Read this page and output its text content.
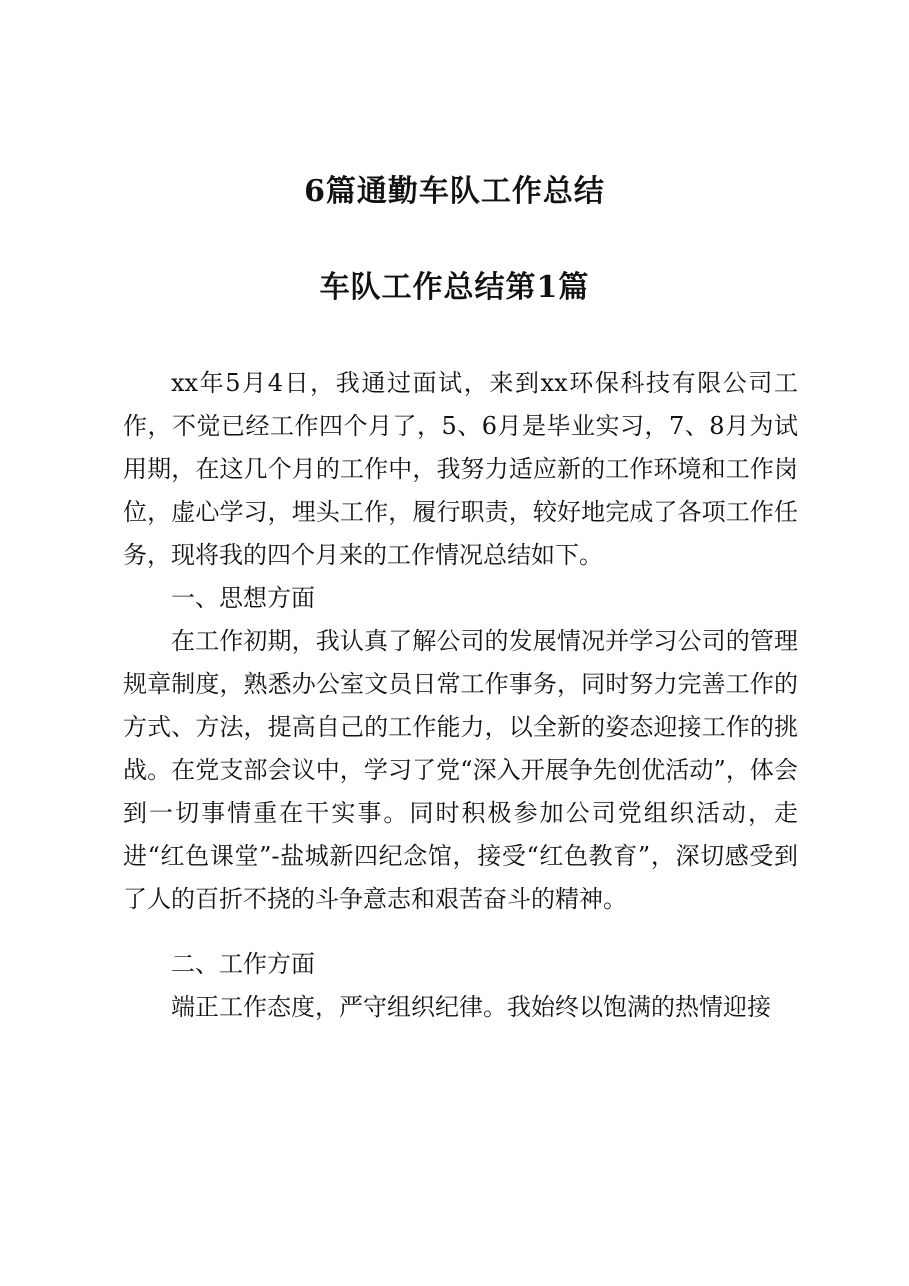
6篇通勤车队工作总结
车队工作总结第1篇

xx年5月4日，我通过面试，来到xx环保科技有限公司工作，不觉已经工作四个月了，5、6月是毕业实习，7、8月为试用期，在这几个月的工作中，我努力适应新的工作环境和工作岗位，虚心学习，埋头工作，履行职责，较好地完成了各项工作任务，现将我的四个月来的工作情况总结如下。

一、思想方面

在工作初期，我认真了解公司的发展情况并学习公司的管理规章制度，熟悉办公室文员日常工作事务，同时努力完善工作的方式、方法，提高自己的工作能力，以全新的姿态迎接工作的挑战。在党支部会议中，学习了党“深入开展争先创优活动”，体会到一切事情重在干实事。同时积极参加公司党组织活动，走进“红色课堂”-盐城新四纪念馆，接受“红色教育”，深切感受到了人的百折不挠的斗争意志和艰苦奋斗的精神。

二、工作方面

端正工作态度，严守组织纪律。我始终以饱满的热情迎接
